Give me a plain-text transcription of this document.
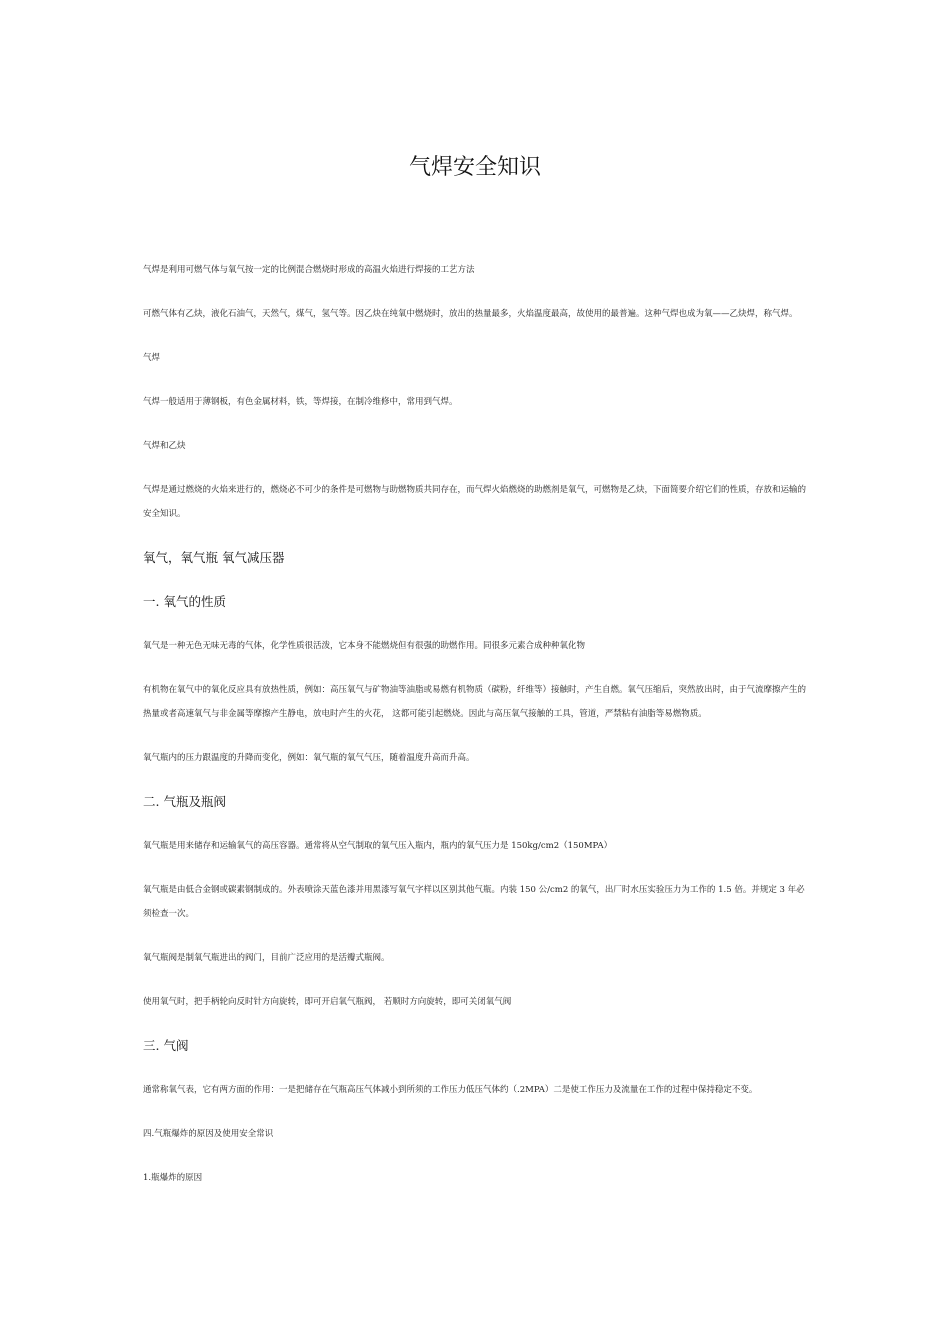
气焊安全知识

气焊是利用可燃气体与氧气按一定的比例混合燃烧时形成的高温火焰进行焊接的工艺方法

可燃气体有乙炔，液化石油气，天然气，煤气，氢气等。因乙炔在纯氧中燃烧时，放出的热量最多，火焰温度最高，故使用的最普遍。这种气焊也成为氧——乙炔焊，称气焊。

气焊

气焊一般适用于薄钢板，有色金属材料，铁，等焊接，在制冷维修中，常用到气焊。

气焊和乙炔

气焊是通过燃烧的火焰来进行的，燃烧必不可少的条件是可燃物与助燃物质共同存在，而气焊火焰燃烧的助燃剂是氧气，可燃物是乙炔，下面简要介绍它们的性质，存放和运输的安全知识。

氧气，氧气瓶 氧气减压器

一. 氧气的性质

氧气是一种无色无味无毒的气体，化学性质很活泼，它本身不能燃烧但有很强的助燃作用。同很多元素合成种种氧化物

有机物在氧气中的氧化反应具有放热性质，例如：高压氧气与矿物油等油脂或易燃有机物质（碳粉，纤维等）接触时，产生自燃。氧气压缩后，突然放出时，由于气流摩擦产生的热量或者高速氧气与非金属等摩擦产生静电，放电时产生的火花， 这都可能引起燃烧。因此与高压氧气接触的工具，管道，严禁粘有油脂等易燃物质。

氧气瓶内的压力跟温度的升降而变化，例如：氧气瓶的氧气气压，随着温度升高而升高。

二. 气瓶及瓶阀

氧气瓶是用来储存和运输氧气的高压容器。通常将从空气制取的氧气压入瓶内，瓶内的氧气压力是 150kg/cm2（150MPA）

氧气瓶是由低合金钢或碳素钢制成的。外表喷涂天蓝色漆并用黑漆写氧气字样以区别其他气瓶。内装 150 公/cm2 的氧气，出厂时水压实验压力为工作的 1.5 倍。并规定 3 年必须检查一次。

氧气瓶阀是制氧气瓶进出的阀门，目前广泛应用的是活瓣式瓶阀。

使用氧气时，把手柄轮向反时针方向旋转，即可开启氧气瓶阀， 若顺时方向旋转，即可关闭氧气阀

三. 气阀

通常称氧气表，它有两方面的作用：一是把储存在气瓶高压气体减小到所须的工作压力低压气体约（.2MPA）二是使工作压力及流量在工作的过程中保持稳定不变。

四.气瓶爆炸的原因及使用安全常识

1.瓶爆炸的原因
